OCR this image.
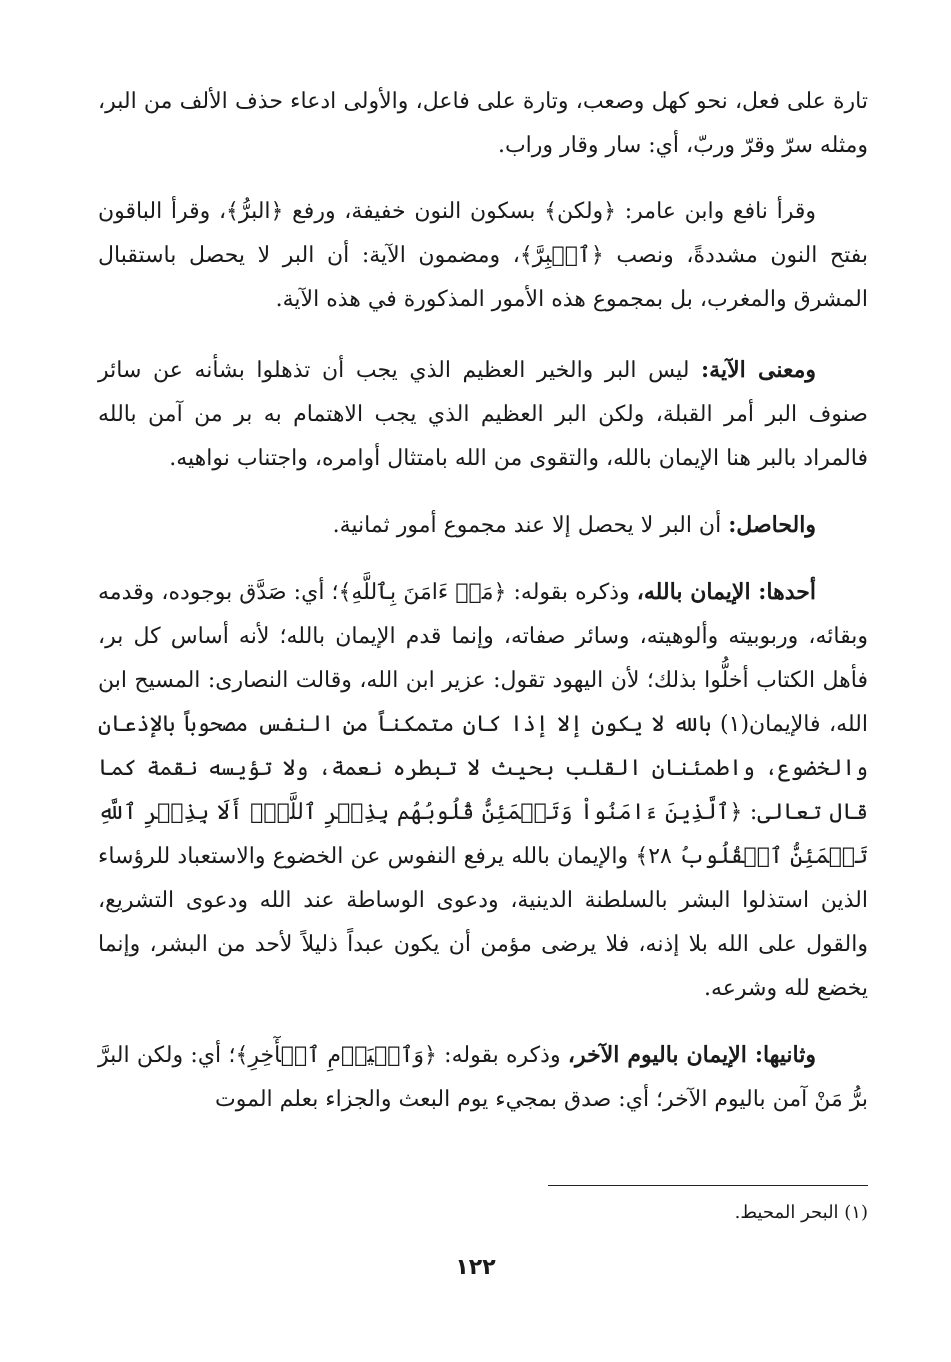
تارة على فعل، نحو كهل وصعب، وتارة على فاعل، والأولى ادعاء حذف الألف من البر، ومثله سرّ وقرّ وربّ، أي: سار وقار وراب.

وقرأ نافع وابن عامر: ﴿ولكن﴾ بسكون النون خفيفة، ورفع ﴿البرُّ﴾، وقرأ الباقون بفتح النون مشددةً، ونصب ﴿ٱلۡبِرَّ﴾، ومضمون الآية: أن البر لا يحصل باستقبال المشرق والمغرب، بل بمجموع هذه الأمور المذكورة في هذه الآية.

ومعنى الآية: ليس البر والخير العظيم الذي يجب أن تذهلوا بشأنه عن سائر صنوف البر أمر القبلة، ولكن البر العظيم الذي يجب الاهتمام به بر من آمن بالله فالمراد بالبر هنا الإيمان بالله، والتقوى من الله بامتثال أوامره، واجتناب نواهيه.

والحاصل: أن البر لا يحصل إلا عند مجموع أمور ثمانية.

أحدها: الإيمان بالله، وذكره بقوله: ﴿مَنۡ ءَامَنَ بِٱللَّهِ﴾؛ أي: صَدَّق بوجوده، وقدمه وبقائه، وربوبيته وألوهيته، وسائر صفاته، وإنما قدم الإيمان بالله؛ لأنه أساس كل بر، فأهل الكتاب أخلُّوا بذلك؛ لأن اليهود تقول: عزير ابن الله، وقالت النصارى: المسيح ابن الله، فالإيمان(١) بالله لا يكون إلا إذا كان متمكناً من النفس مصحوباً بالإذعان والخضوع، واطمئنان القلب بحيث لا تبطره نعمة، ولا تؤيسه نقمة كما قال تعالى: ﴿ٱلَّذِينَ ءَامَنُواْ وَتَطۡمَئِنُّ قُلُوبُهُم بِذِكۡرِ ٱللَّهِۗ أَلَا بِذِكۡرِ ٱللَّهِ تَطۡمَئِنُّ ٱلۡقُلُوبُ ٢٨﴾ والإيمان بالله يرفع النفوس عن الخضوع والاستعباد للرؤساء الذين استذلوا البشر بالسلطنة الدينية، ودعوى الوساطة عند الله ودعوى التشريع، والقول على الله بلا إذنه، فلا يرضى مؤمن أن يكون عبداً ذليلاً لأحد من البشر، وإنما يخضع لله وشرعه.

وثانيها: الإيمان باليوم الآخر، وذكره بقوله: ﴿وَٱلۡيَوۡمِ ٱلۡأٓخِرِ﴾؛ أي: ولكن البرَّ برُّ مَنْ آمن باليوم الآخر؛ أي: صدق بمجيء يوم البعث والجزاء بعلم الموت

(١) البحر المحيط.
١٢٢
